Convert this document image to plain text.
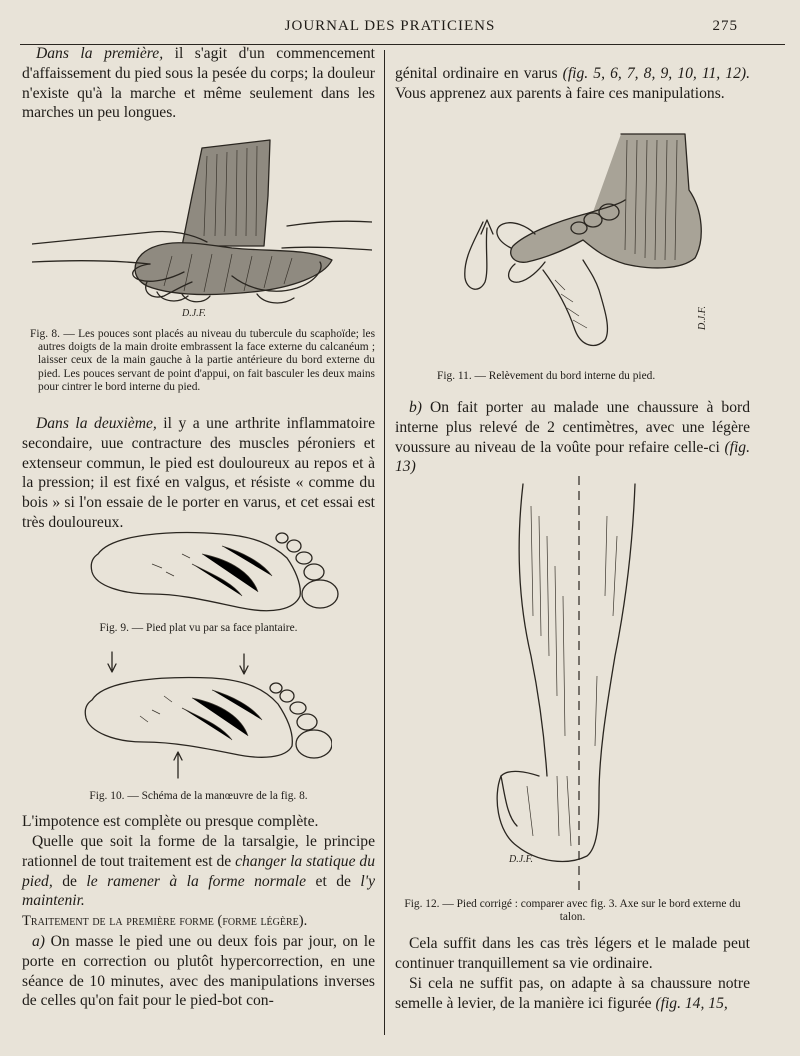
JOURNAL DES PRATICIENS	275

Dans la première, il s'agit d'un commencement d'affaissement du pied sous la pesée du corps; la douleur n'existe qu'à la marche et même seulement dans les marches un peu longues.

D.J.F.

Fig. 8. — Les pouces sont placés au niveau du tubercule du scaphoïde; les autres doigts de la main droite embrassent la face externe du calcanéum ; laisser ceux de la main gauche à la partie antérieure du bord externe du pied. Les pouces servant de point d'appui, on fait basculer les deux mains pour cintrer le bord interne du pied.

Dans la deuxième, il y a une arthrite inflammatoire secondaire, uue contracture des muscles péroniers et extenseur commun, le pied est douloureux au repos et à la pression; il est fixé en valgus, et résiste « comme du bois » si l'on essaie de le porter en varus, et cet essai est très douloureux.

Fig. 9. — Pied plat vu par sa face plantaire.

Fig. 10. — Schéma de la manœuvre de la fig. 8.

L'impotence est complète ou presque complète.

Quelle que soit la forme de la tarsalgie, le principe rationnel de tout traitement est de changer la statique du pied, de le ramener à la forme normale et de l'y maintenir.

Traitement de la première forme (forme légère).

a) On masse le pied une ou deux fois par jour, on le porte en correction ou plutôt hypercorrection, en une séance de 10 minutes, avec des manipulations inverses de celles qu'on fait pour le pied-bot con-

génital ordinaire en varus (fig. 5, 6, 7, 8, 9, 10, 11, 12). Vous apprenez aux parents à faire ces manipulations.

D.J.F.

Fig. 11. — Relèvement du bord interne du pied.

b) On fait porter au malade une chaussure à bord interne plus relevé de 2 centimètres, avec une légère voussure au niveau de la voûte pour refaire celle-ci (fig. 13)

D.J.F.

Fig. 12. — Pied corrigé : comparer avec fig. 3. Axe sur le bord externe du talon.

Cela suffit dans les cas très légers et le malade peut continuer tranquillement sa vie ordinaire.

Si cela ne suffit pas, on adapte à sa chaussure notre semelle à levier, de la manière ici figurée (fig. 14, 15,
